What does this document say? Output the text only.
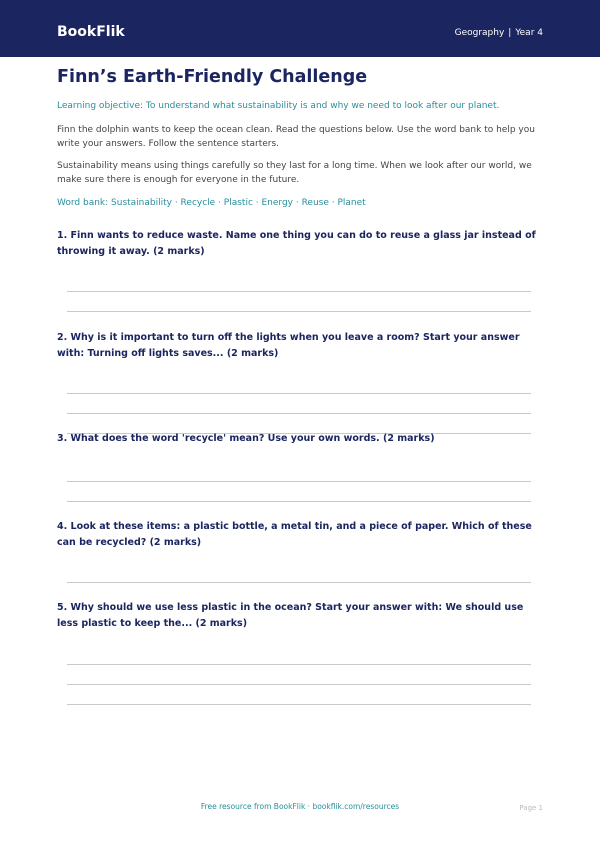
BookFlik	Geography | Year 4
Finn’s Earth-Friendly Challenge
Learning objective: To understand what sustainability is and why we need to look after our planet.
Finn the dolphin wants to keep the ocean clean. Read the questions below. Use the word bank to help you write your answers. Follow the sentence starters.
Sustainability means using things carefully so they last for a long time. When we look after our world, we make sure there is enough for everyone in the future.
Word bank: Sustainability · Recycle · Plastic · Energy · Reuse · Planet
1. Finn wants to reduce waste. Name one thing you can do to reuse a glass jar instead of throwing it away. (2 marks)
2. Why is it important to turn off the lights when you leave a room? Start your answer with: Turning off lights saves... (2 marks)
3. What does the word 'recycle' mean? Use your own words. (2 marks)
4. Look at these items: a plastic bottle, a metal tin, and a piece of paper. Which of these can be recycled? (2 marks)
5. Why should we use less plastic in the ocean? Start your answer with: We should use less plastic to keep the... (2 marks)
Free resource from BookFlik · bookflik.com/resources	Page 1
